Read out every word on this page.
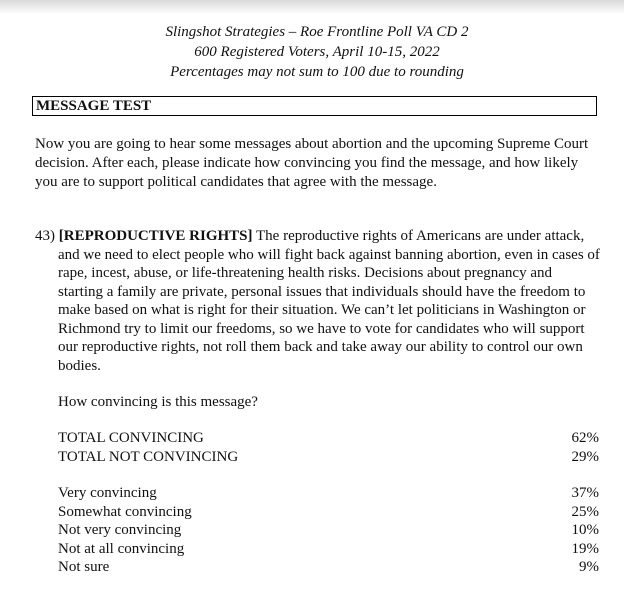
Slingshot Strategies – Roe Frontline Poll VA CD 2
600 Registered Voters, April 10-15, 2022
Percentages may not sum to 100 due to rounding
MESSAGE TEST
Now you are going to hear some messages about abortion and the upcoming Supreme Court decision. After each, please indicate how convincing you find the message, and how likely you are to support political candidates that agree with the message.
43) [REPRODUCTIVE RIGHTS] The reproductive rights of Americans are under attack, and we need to elect people who will fight back against banning abortion, even in cases of rape, incest, abuse, or life-threatening health risks. Decisions about pregnancy and starting a family are private, personal issues that individuals should have the freedom to make based on what is right for their situation. We can’t let politicians in Washington or Richmond try to limit our freedoms, so we have to vote for candidates who will support our reproductive rights, not roll them back and take away our ability to control our own bodies.
How convincing is this message?
TOTAL CONVINCING	62%
TOTAL NOT CONVINCING	29%
Very convincing	37%
Somewhat convincing	25%
Not very convincing	10%
Not at all convincing	19%
Not sure	9%
